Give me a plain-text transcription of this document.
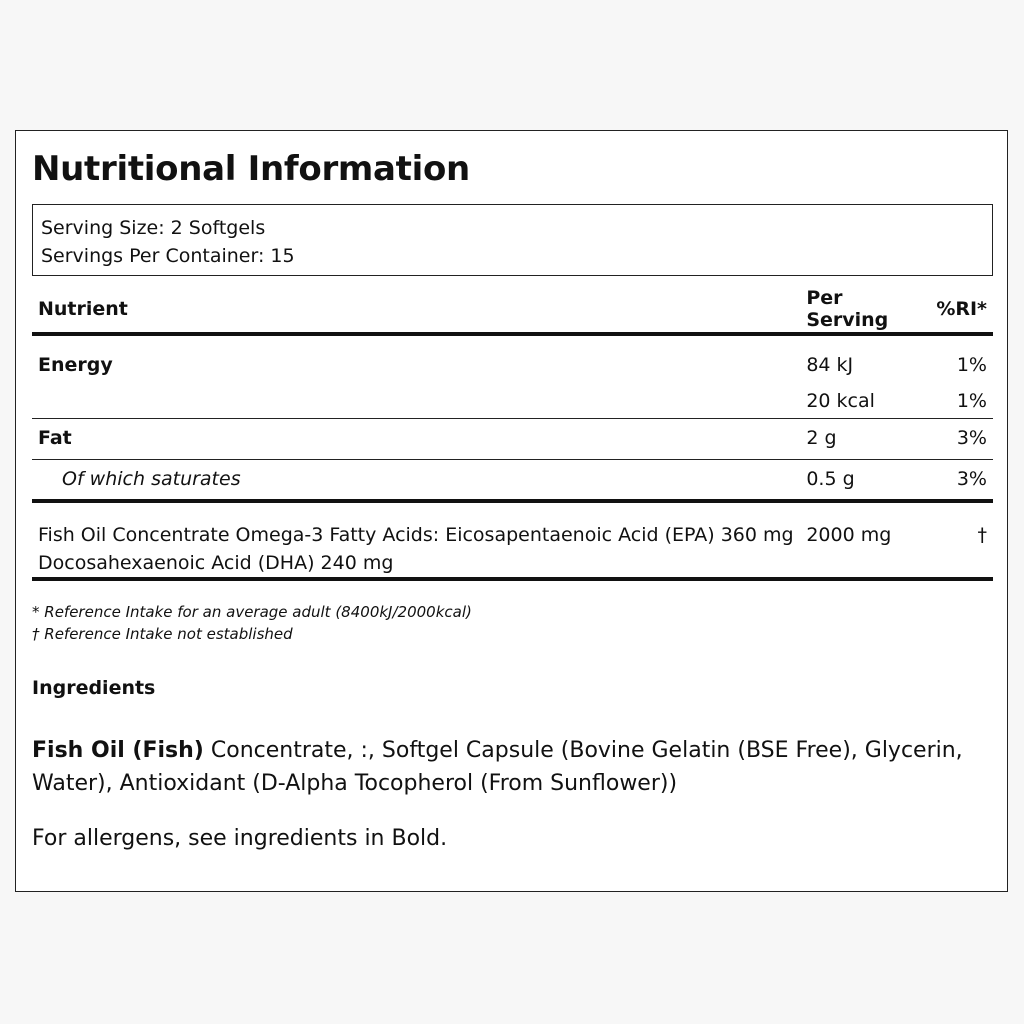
Nutritional Information
Serving Size: 2 Softgels
Servings Per Container: 15
Nutrient	Per Serving	%RI*
Energy	84 kJ	1%
	20 kcal	1%
Fat	2 g	3%
Of which saturates	0.5 g	3%
Fish Oil Concentrate Omega-3 Fatty Acids: Eicosapentaenoic Acid (EPA) 360 mg Docosahexaenoic Acid (DHA) 240 mg	2000 mg	†
* Reference Intake for an average adult (8400kJ/2000kcal)
† Reference Intake not established
Ingredients

Fish Oil (Fish) Concentrate, :, Softgel Capsule (Bovine Gelatin (BSE Free), Glycerin, Water), Antioxidant (D-Alpha Tocopherol (From Sunflower))

For allergens, see ingredients in Bold.
